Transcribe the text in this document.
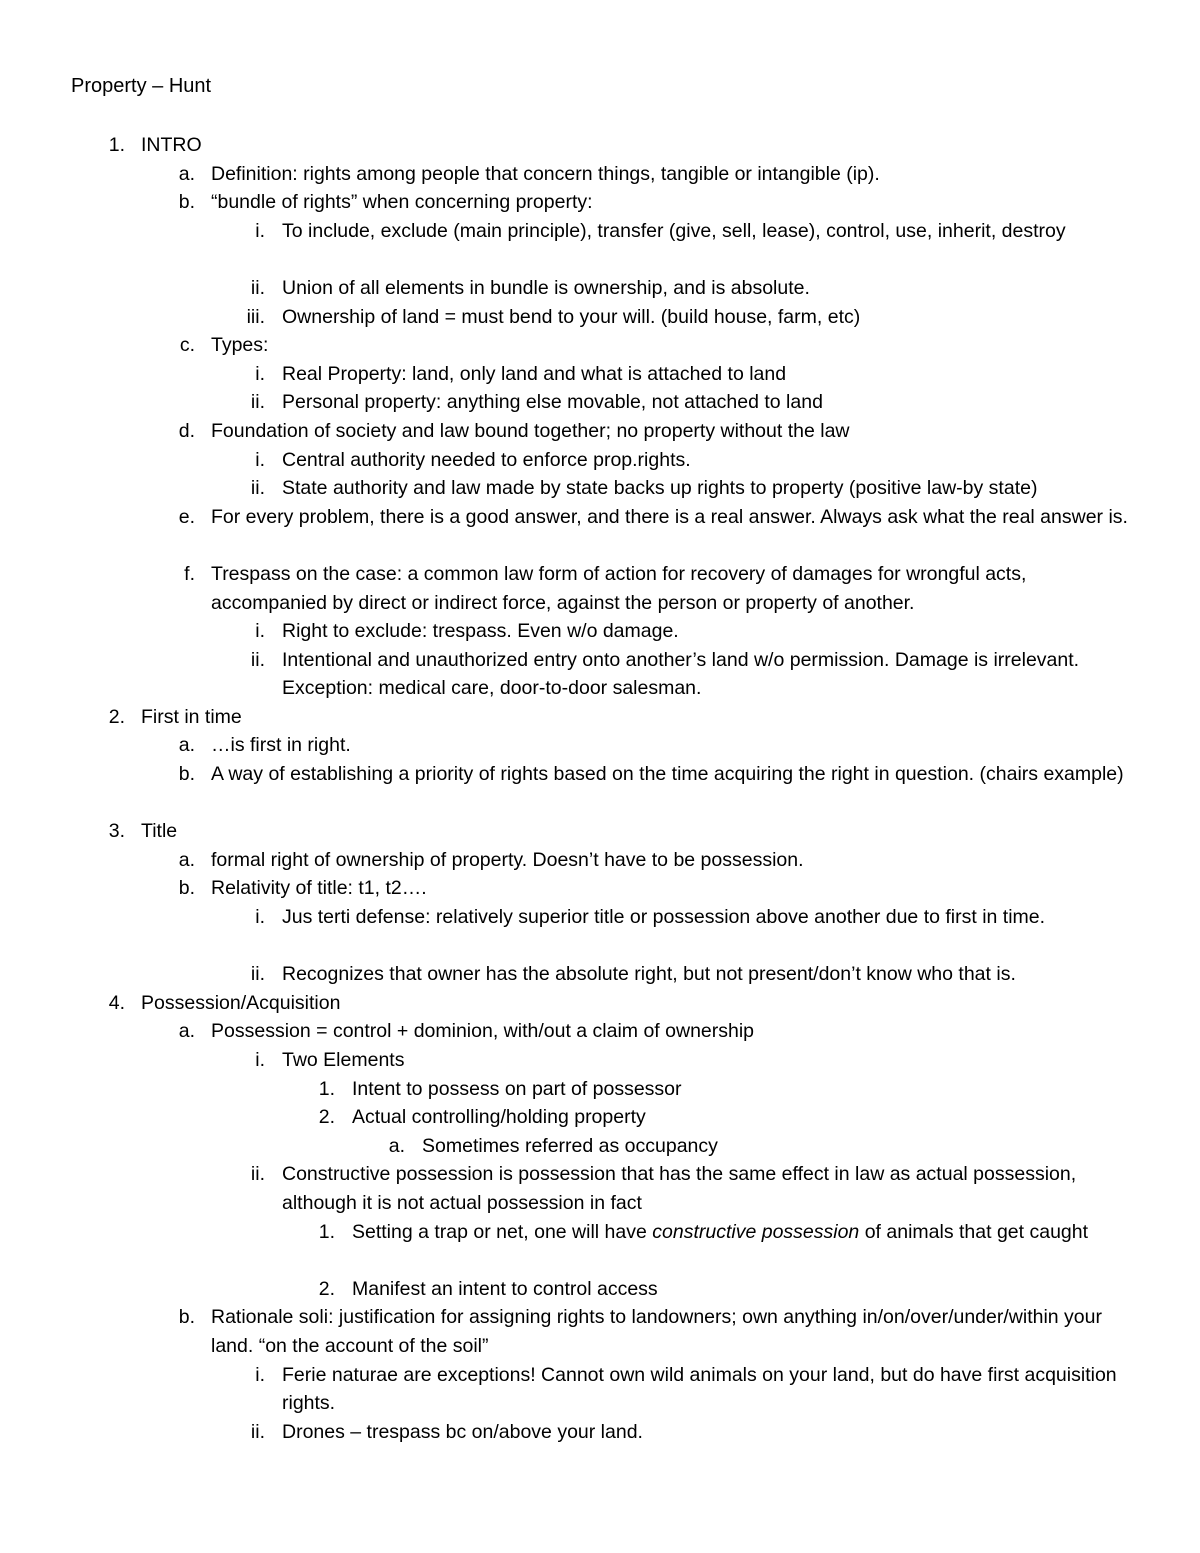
Property – Hunt
1. INTRO
a. Definition: rights among people that concern things, tangible or intangible (ip).
b. “bundle of rights” when concerning property:
i. To include, exclude (main principle), transfer (give, sell, lease), control, use, inherit, destroy
ii. Union of all elements in bundle is ownership, and is absolute.
iii. Ownership of land = must bend to your will. (build house, farm, etc)
c. Types:
i. Real Property: land, only land and what is attached to land
ii. Personal property: anything else movable, not attached to land
d. Foundation of society and law bound together; no property without the law
i. Central authority needed to enforce prop.rights.
ii. State authority and law made by state backs up rights to property (positive law-by state)
e. For every problem, there is a good answer, and there is a real answer. Always ask what the real answer is.
f. Trespass on the case: a common law form of action for recovery of damages for wrongful acts, accompanied by direct or indirect force, against the person or property of another.
i. Right to exclude: trespass. Even w/o damage.
ii. Intentional and unauthorized entry onto another’s land w/o permission. Damage is irrelevant. Exception: medical care, door-to-door salesman.
2. First in time
a. …is first in right.
b. A way of establishing a priority of rights based on the time acquiring the right in question. (chairs example)
3. Title
a. formal right of ownership of property. Doesn’t have to be possession.
b. Relativity of title: t1, t2….
i. Jus terti defense: relatively superior title or possession above another due to first in time.
ii. Recognizes that owner has the absolute right, but not present/don’t know who that is.
4. Possession/Acquisition
a. Possession = control + dominion, with/out a claim of ownership
i. Two Elements
1. Intent to possess on part of possessor
2. Actual controlling/holding property
a. Sometimes referred as occupancy
ii. Constructive possession is possession that has the same effect in law as actual possession, although it is not actual possession in fact
1. Setting a trap or net, one will have constructive possession of animals that get caught
2. Manifest an intent to control access
b. Rationale soli: justification for assigning rights to landowners; own anything in/on/over/under/within your land. “on the account of the soil”
i. Ferie naturae are exceptions! Cannot own wild animals on your land, but do have first acquisition rights.
ii. Drones – trespass bc on/above your land.
